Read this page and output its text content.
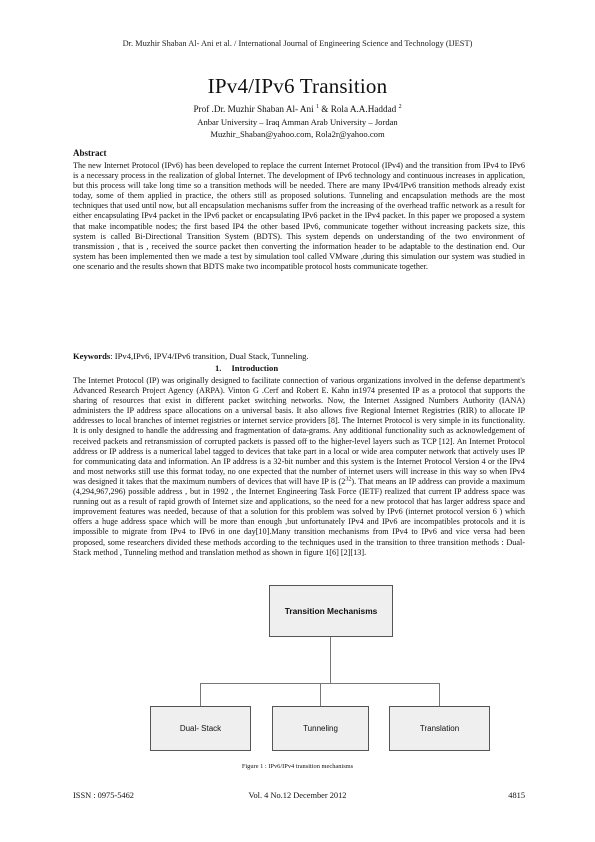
Dr. Muzhir Shaban Al- Ani et al. / International Journal of Engineering Science and Technology (IJEST)
IPv4/IPv6 Transition
Prof .Dr. Muzhir Shaban Al- Ani $^1$ & Rola A.A.Haddad $^2$
Anbar University – Iraq Amman Arab University – Jordan
Muzhir_Shaban@yahoo.com, Rola2r@yahoo.com
Abstract
The new Internet Protocol (IPv6) has been developed to replace the current Internet Protocol (IPv4) and the transition from IPv4 to IPv6 is a necessary process in the realization of global Internet. The development of IPv6 technology and continuous increases in application, but this process will take long time so a transition methods will be needed. There are many IPv4/IPv6 transition methods already exist today, some of them applied in practice, the others still as proposed solutions. Tunneling and encapsulation methods are the most techniques that used until now, but all encapsulation mechanisms suffer from the increasing of the overhead traffic network as a result for either encapsulating IPv4 packet in the IPv6 packet or encapsulating IPv6 packet in the IPv4 packet. In this paper we proposed a system that make incompatible nodes; the first based IP4 the other based IPv6, communicate together without increasing packets size, this system is called Bi-Directional Transition System (BDTS). This system depends on understanding of the two environment of transmission , that is , received the source packet then converting the information header to be adaptable to the destination end. Our system has been implemented then we made a test by simulation tool called VMware ,during this simulation our system was studied in one scenario and the results shown that BDTS make two incompatible protocol hosts communicate together.
Keywords: IPv4,IPv6, IPV4/IPv6 transition, Dual Stack, Tunneling.
1. Introduction
The Internet Protocol (IP) was originally designed to facilitate connection of various organizations involved in the defense department's Advanced Research Project Agency (ARPA). Vinton G .Cerf and Robert E. Kahn in1974 presented IP as a protocol that supports the sharing of resources that exist in different packet switching networks. Now, the Internet Assigned Numbers Authority (IANA) administers the IP address space allocations on a universal basis. It also allows five Regional Internet Registries (RIR) to allocate IP addresses to local branches of internet registries or internet service providers [8]. The Internet Protocol is very simple in its functionality. It is only designed to handle the addressing and fragmentation of data-grams. Any additional functionality such as acknowledgement of received packets and retransmission of corrupted packets is passed off to the higher-level layers such as TCP [12]. An Internet Protocol address or IP address is a numerical label tagged to devices that take part in a local or wide area computer network that actively uses IP for communicating data and information. An IP address is a 32-bit number and this system is the Internet Protocol Version 4 or the IPv4 and most networks still use this format today, no one expected that the number of internet users will increase in this way so when IPv4 was designed it takes that the maximum numbers of devices that will have IP is $(2^{32})$. That means an IP address can provide a maximum (4,294,967,296) possible address , but in 1992 , the Internet Engineering Task Force (IETF) realized that current IP address space was running out as a result of rapid growth of Internet size and applications, so the need for a new protocol that has larger address space and improvement features was needed, because of that a solution for this problem was solved by IPv6 (internet protocol version 6 ) which offers a huge address space which will be more than enough ,but unfortunately IPv4 and IPv6 are incompatibles protocols and it is impossible to migrate from IPv4 to IPv6 in one day[10].Many transition mechanisms from IPv4 to IPv6 and vice versa had been proposed, some researchers divided these methods according to the techniques used in the transition to three transition methods : Dual-Stack method , Tunneling method and translation method as shown in figure 1[6] [2][13].
Transition Mechanisms
Dual- Stack	Tunneling	Translation
Figure 1 : IPv6/IPv4 transition mechanisms
ISSN : 0975-5462	Vol. 4 No.12 December 2012	4815
